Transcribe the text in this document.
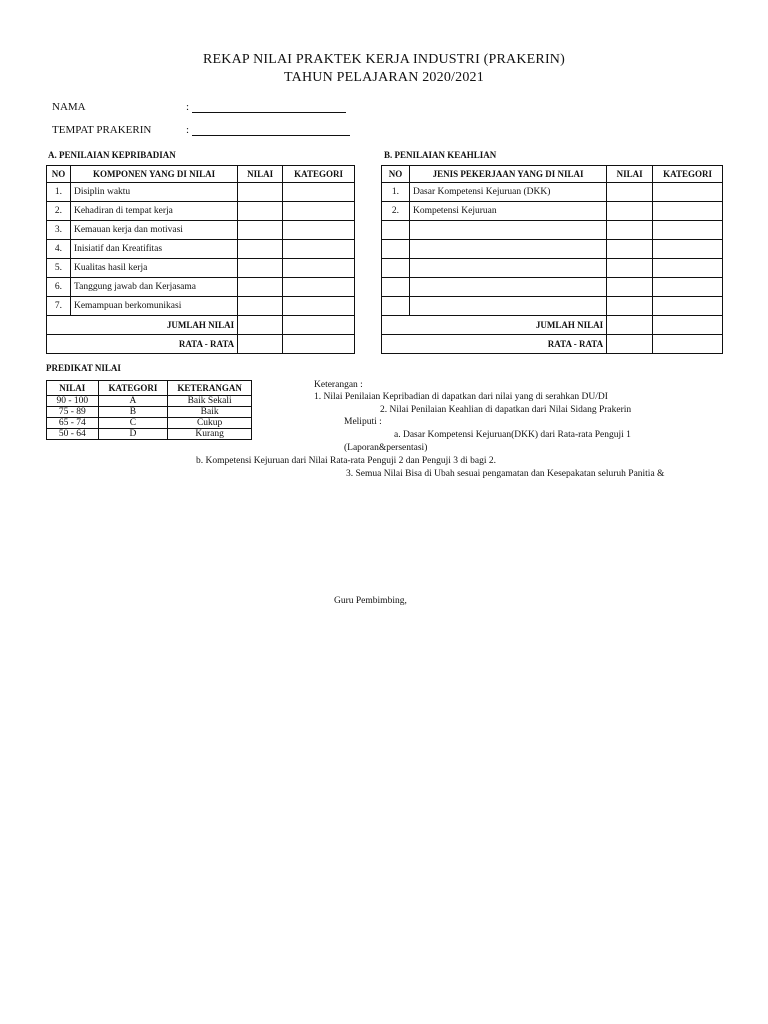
REKAP NILAI PRAKTEK KERJA INDUSTRI (PRAKERIN)
TAHUN PELAJARAN 2020/2021
NAMA	:
TEMPAT PRAKERIN	:
A. PENILAIAN KEPRIBADIAN	B. PENILAIAN KEAHLIAN
NO	KOMPONEN YANG DI NILAI	NILAI	KATEGORI
1.	Disiplin waktu		
2.	Kehadiran di tempat kerja		
3.	Kemauan kerja dan motivasi		
4.	Inisiatif dan Kreatifitas		
5.	Kualitas hasil kerja		
6.	Tanggung jawab dan Kerjasama		
7.	Kemampuan berkomunikasi		
JUMLAH NILAI			
RATA - RATA			
NO	JENIS PEKERJAAN YANG DI NILAI	NILAI	KATEGORI
1.	Dasar Kompetensi Kejuruan (DKK)		
2.	Kompetensi Kejuruan		

JUMLAH NILAI			
RATA - RATA			
PREDIKAT NILAI
NILAI	KATEGORI	KETERANGAN
90 - 100	A	Baik Sekali
75 - 89	B	Baik
65 - 74	C	Cukup
50 - 64	D	Kurang
Keterangan :
1. Nilai Penilaian Kepribadian di dapatkan dari nilai yang di serahkan DU/DI
2. Nilai Penilaian Keahlian di dapatkan dari Nilai Sidang Prakerin
Meliputi :
a. Dasar Kompetensi Kejuruan(DKK) dari Rata-rata Penguji 1
(Laporan&persentasi)
b. Kompetensi Kejuruan dari Nilai Rata-rata Penguji 2 dan Penguji 3 di bagi 2.
3. Semua Nilai Bisa di Ubah sesuai pengamatan dan Kesepakatan seluruh Panitia &
Guru Pembimbing,
